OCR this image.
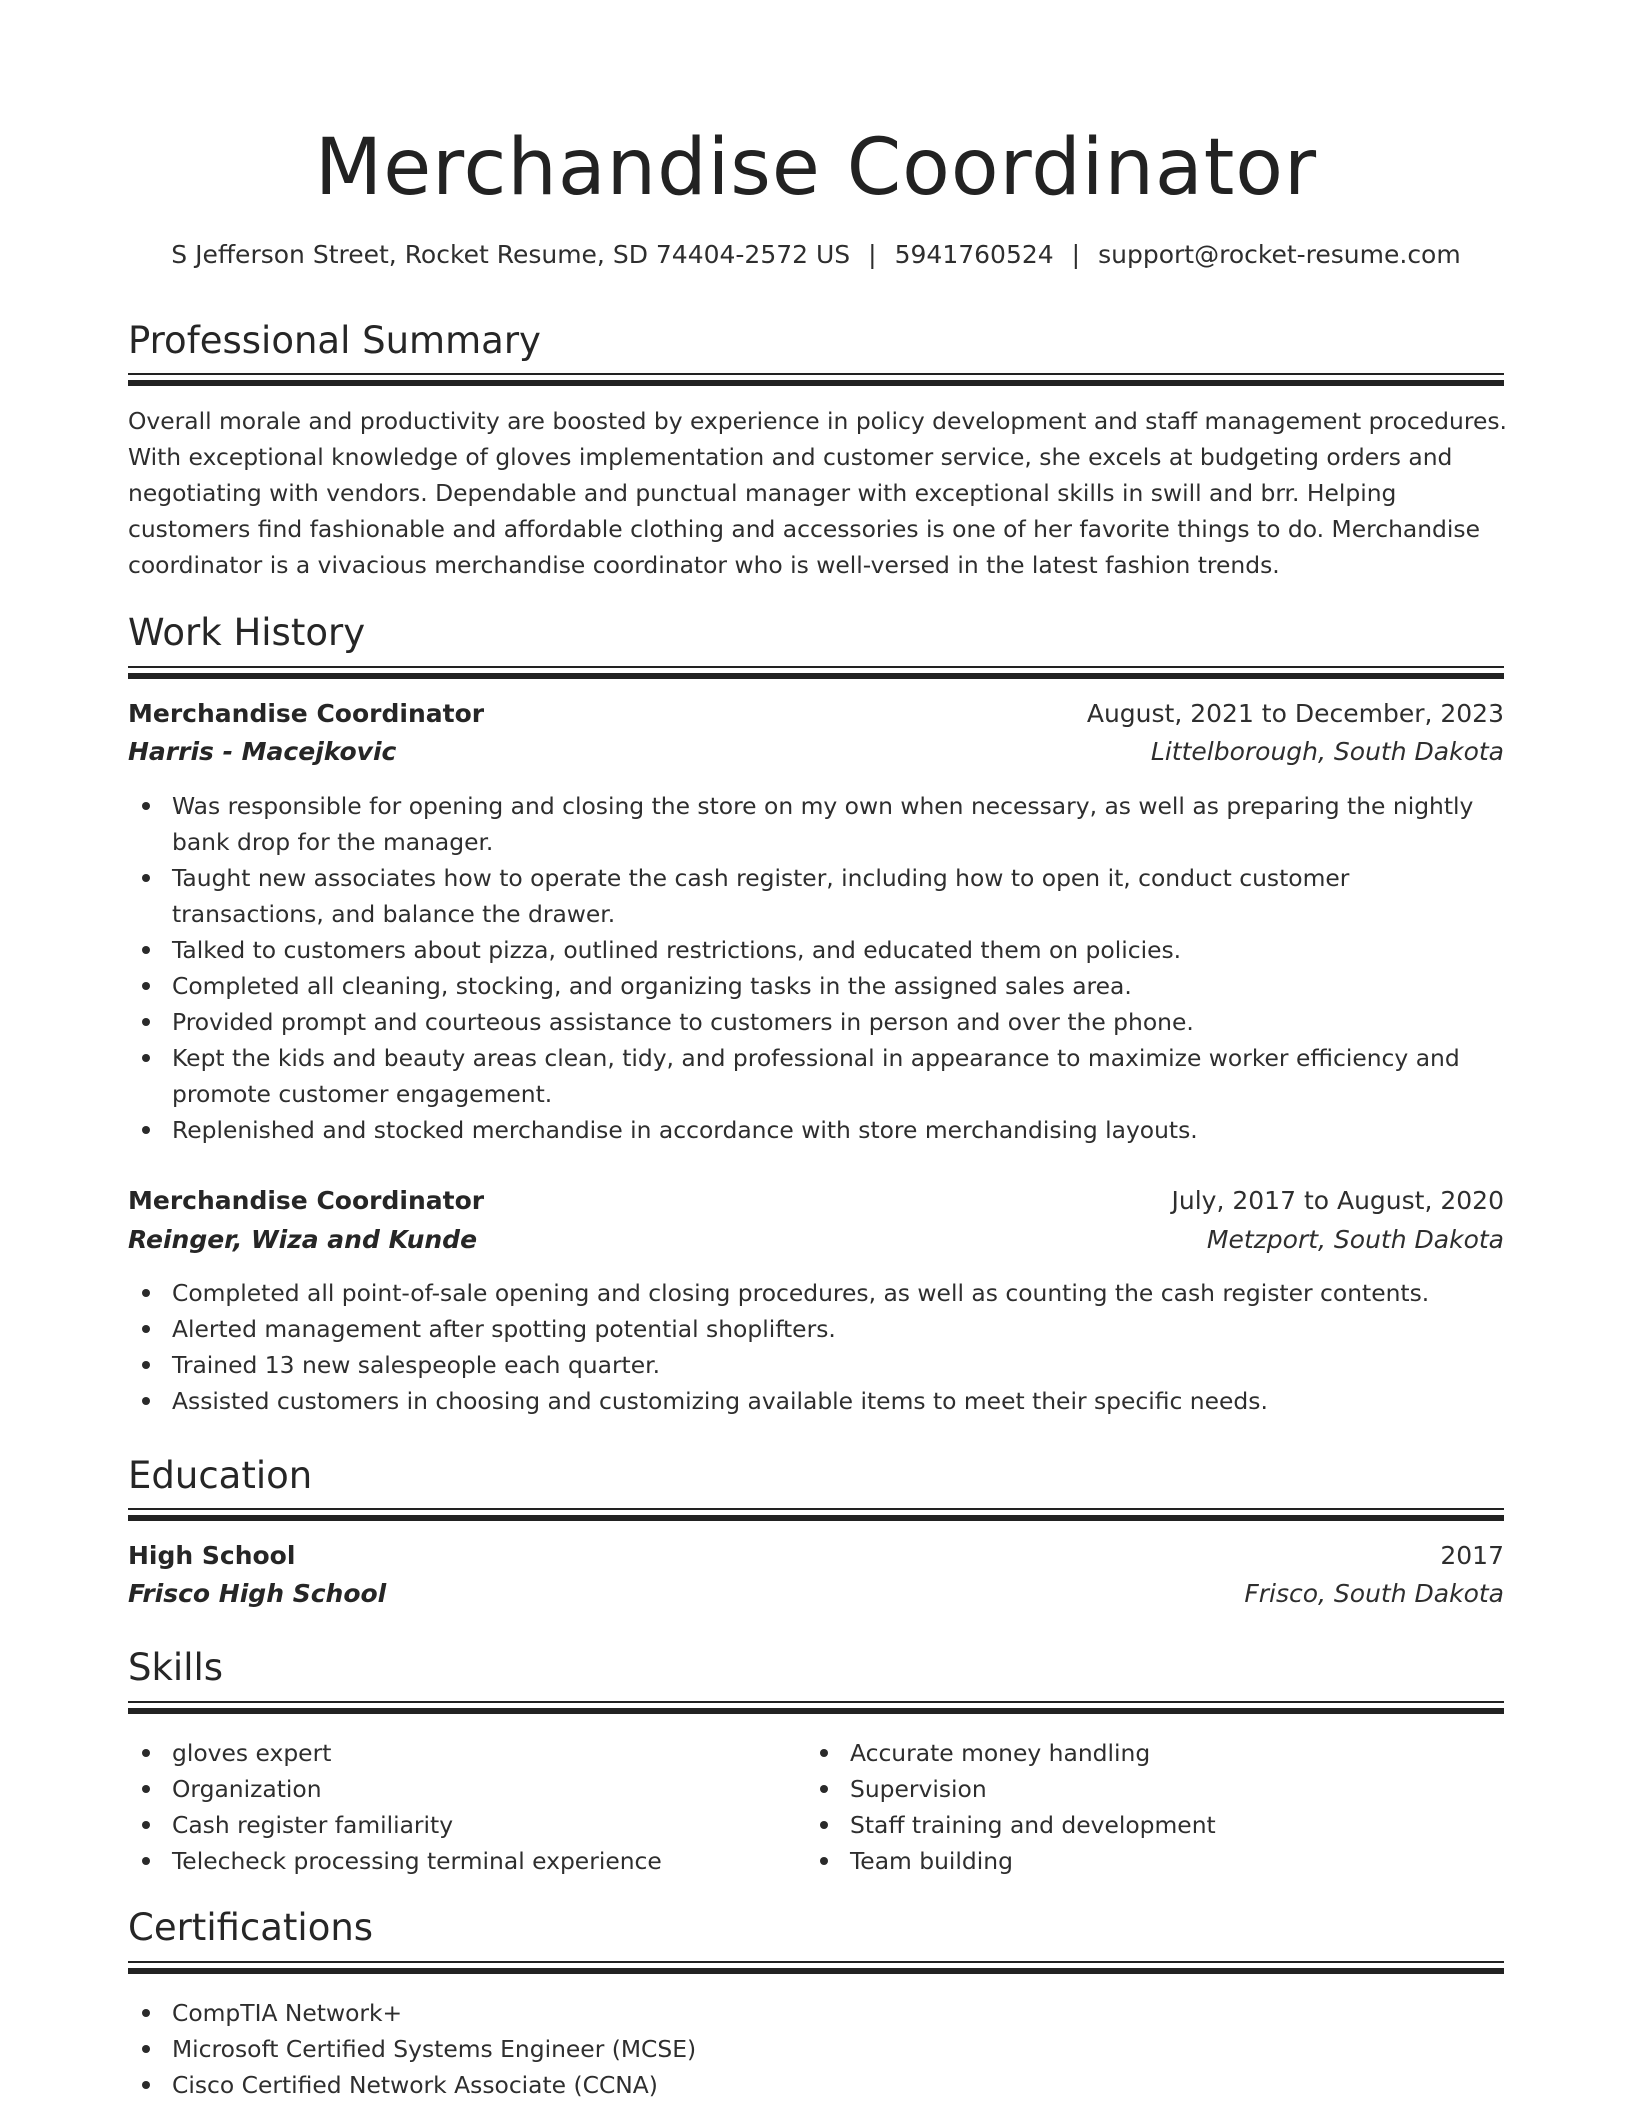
Merchandise Coordinator
S Jefferson Street, Rocket Resume, SD 74404-2572 US | 5941760524 | support@rocket-resume.com
Professional Summary

Overall morale and productivity are boosted by experience in policy development and staff management procedures. With exceptional knowledge of gloves implementation and customer service, she excels at budgeting orders and negotiating with vendors. Dependable and punctual manager with exceptional skills in swill and brr. Helping customers find fashionable and affordable clothing and accessories is one of her favorite things to do. Merchandise coordinator is a vivacious merchandise coordinator who is well-versed in the latest fashion trends.

Work History
Merchandise Coordinator	August, 2021 to December, 2023
Harris - Macejkovic	Littelborough, South Dakota
Was responsible for opening and closing the store on my own when necessary, as well as preparing the nightly bank drop for the manager.
Taught new associates how to operate the cash register, including how to open it, conduct customer transactions, and balance the drawer.
Talked to customers about pizza, outlined restrictions, and educated them on policies.
Completed all cleaning, stocking, and organizing tasks in the assigned sales area.
Provided prompt and courteous assistance to customers in person and over the phone.
Kept the kids and beauty areas clean, tidy, and professional in appearance to maximize worker efficiency and promote customer engagement.
Replenished and stocked merchandise in accordance with store merchandising layouts.
Merchandise Coordinator	July, 2017 to August, 2020
Reinger, Wiza and Kunde	Metzport, South Dakota
Completed all point-of-sale opening and closing procedures, as well as counting the cash register contents.
Alerted management after spotting potential shoplifters.
Trained 13 new salespeople each quarter.
Assisted customers in choosing and customizing available items to meet their specific needs.
Education
High School	2017
Frisco High School	Frisco, South Dakota
Skills
gloves expert
Organization
Cash register familiarity
Telecheck processing terminal experience
Accurate money handling
Supervision
Staff training and development
Team building
Certifications
CompTIA Network+
Microsoft Certified Systems Engineer (MCSE)
Cisco Certified Network Associate (CCNA)
